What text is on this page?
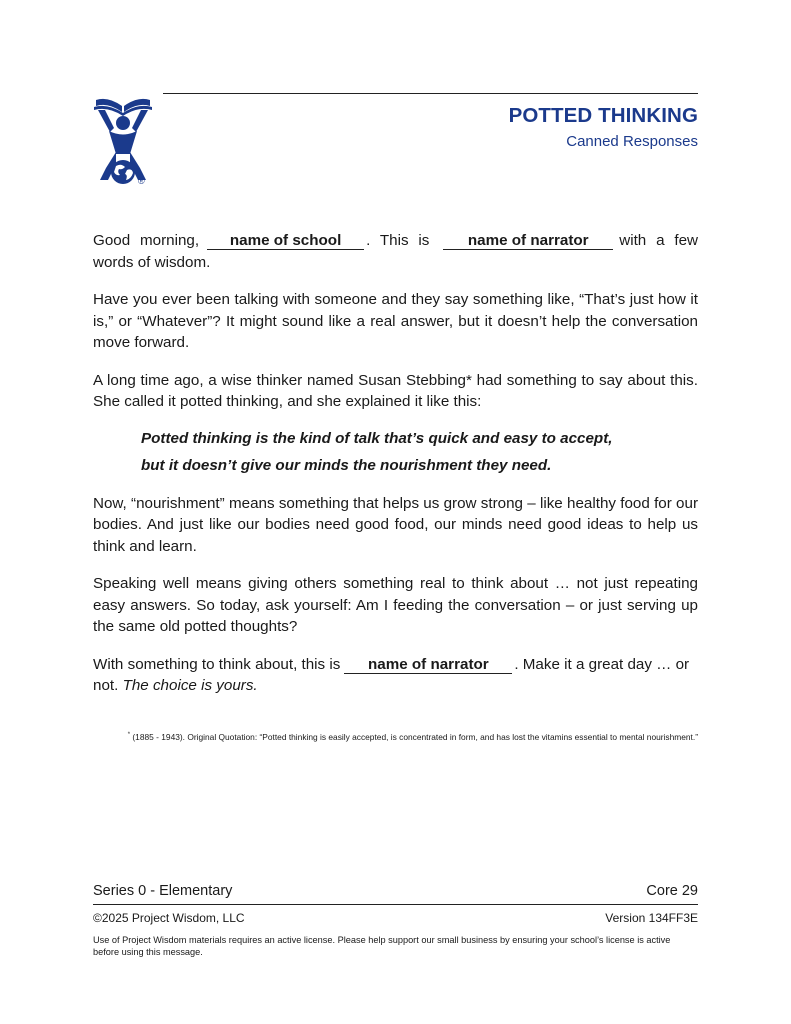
®
POTTED THINKING
Canned Responses

Good morning, name of school . This is	name of narrator with a few words of wisdom.

Have you ever been talking with someone and they say something like, “That’s just how it is,” or “Whatever”? It might sound like a real answer, but it doesn’t help the conversation move forward.

A long time ago, a wise thinker named Susan Stebbing* had something to say about this. She called it potted thinking, and she explained it like this:

Potted thinking is the kind of talk that’s quick and easy to accept, but it doesn’t give our minds the nourishment they need.

Now, “nourishment” means something that helps us grow strong – like healthy food for our bodies. And just like our bodies need good food, our minds need good ideas to help us think and learn.

Speaking well means giving others something real to think about … not just repeating easy answers. So today, ask yourself: Am I feeding the conversation – or just serving up the same old potted thoughts?

With something to think about, this is name of narrator . Make it a great day … or not. The choice is yours.

* (1885 - 1943). Original Quotation: “Potted thinking is easily accepted, is concentrated in form, and has lost the vitamins essential to mental nourishment.”
Series 0 - Elementary	Core 29
©2025 Project Wisdom, LLC	Version 134FF3E
Use of Project Wisdom materials requires an active license. Please help support our small business by ensuring your school’s license is active before using this message.
